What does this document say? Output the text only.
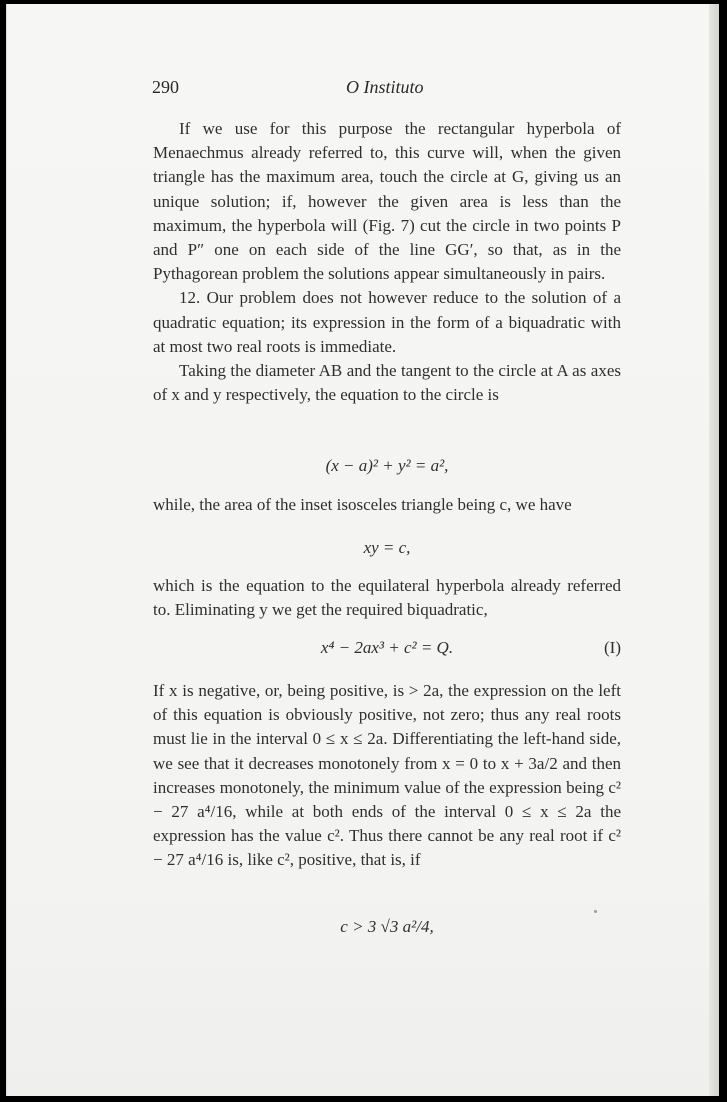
290	O Instituto

If we use for this purpose the rectangular hyperbola of Menaechmus already referred to, this curve will, when the given triangle has the maximum area, touch the circle at G, giving us an unique solution; if, however the given area is less than the maximum, the hyperbola will (Fig. 7) cut the circle in two points P and P″ one on each side of the line GG′, so that, as in the Pythagorean problem the solutions appear simultaneously in pairs.

12. Our problem does not however reduce to the solution of a quadratic equation; its expression in the form of a biquadratic with at most two real roots is immediate.

Taking the diameter AB and the tangent to the circle at A as axes of x and y respectively, the equation to the circle is

(x − a)² + y² = a²,

while, the area of the inset isosceles triangle being c, we have

xy = c,

which is the equation to the equilateral hyperbola already referred to. Eliminating y we get the required biquadratic,

x⁴ − 2ax³ + c² = Q.	(I)

If x is negative, or, being positive, is > 2a, the expression on the left of this equation is obviously positive, not zero; thus any real roots must lie in the interval 0 ≤ x ≤ 2a. Differentiating the left-hand side, we see that it decreases monotonely from x = 0 to x + 3a/2 and then increases monotonely, the minimum value of the expression being c² − 27 a⁴/16, while at both ends of the interval 0 ≤ x ≤ 2a the expression has the value c². Thus there cannot be any real root if c² − 27 a⁴/16 is, like c², positive, that is, if

c > 3 √3 a²/4,
